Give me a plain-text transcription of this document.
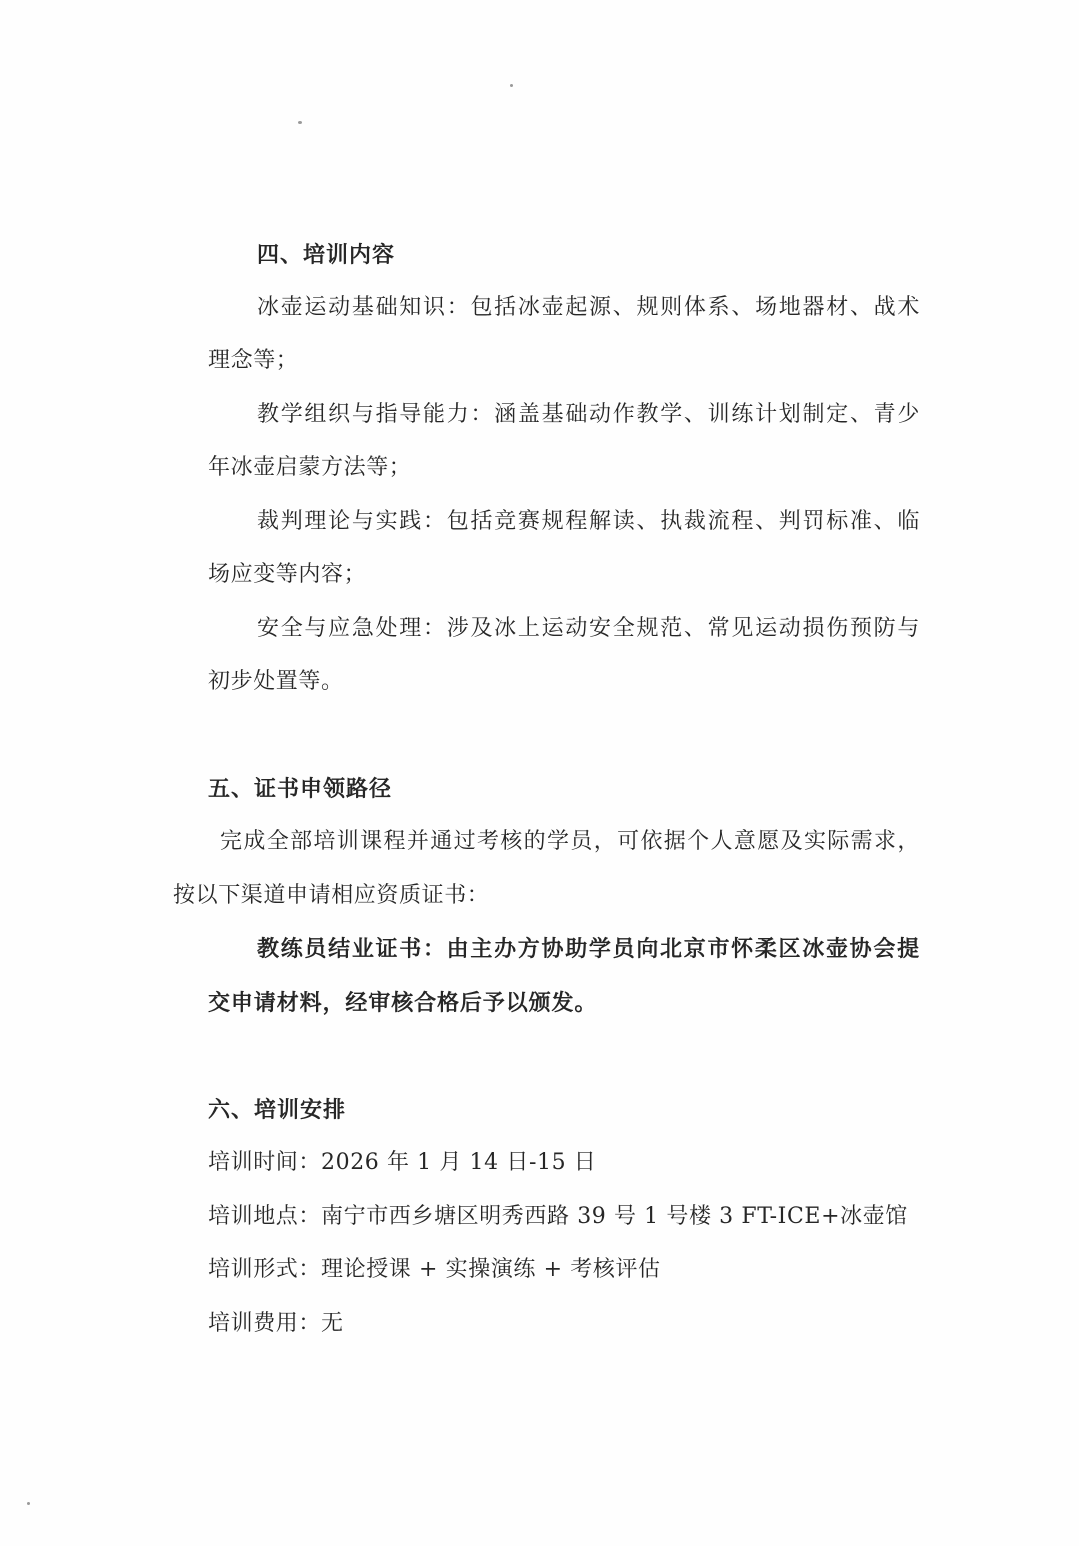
四、培训内容

冰壶运动基础知识：包括冰壶起源、规则体系、场地器材、战术

理念等；

教学组织与指导能力：涵盖基础动作教学、训练计划制定、青少

年冰壶启蒙方法等；

裁判理论与实践：包括竞赛规程解读、执裁流程、判罚标准、临

场应变等内容；

安全与应急处理：涉及冰上运动安全规范、常见运动损伤预防与

初步处置等。

五、证书申领路径

完成全部培训课程并通过考核的学员，可依据个人意愿及实际需求，

按以下渠道申请相应资质证书：

教练员结业证书：由主办方协助学员向北京市怀柔区冰壶协会提

交申请材料，经审核合格后予以颁发。

六、培训安排

培训时间：2026 年 1 月 14 日-15 日

培训地点：南宁市西乡塘区明秀西路 39 号 1 号楼 3 FT-ICE+冰壶馆

培训形式：理论授课 + 实操演练 + 考核评估

培训费用：无
